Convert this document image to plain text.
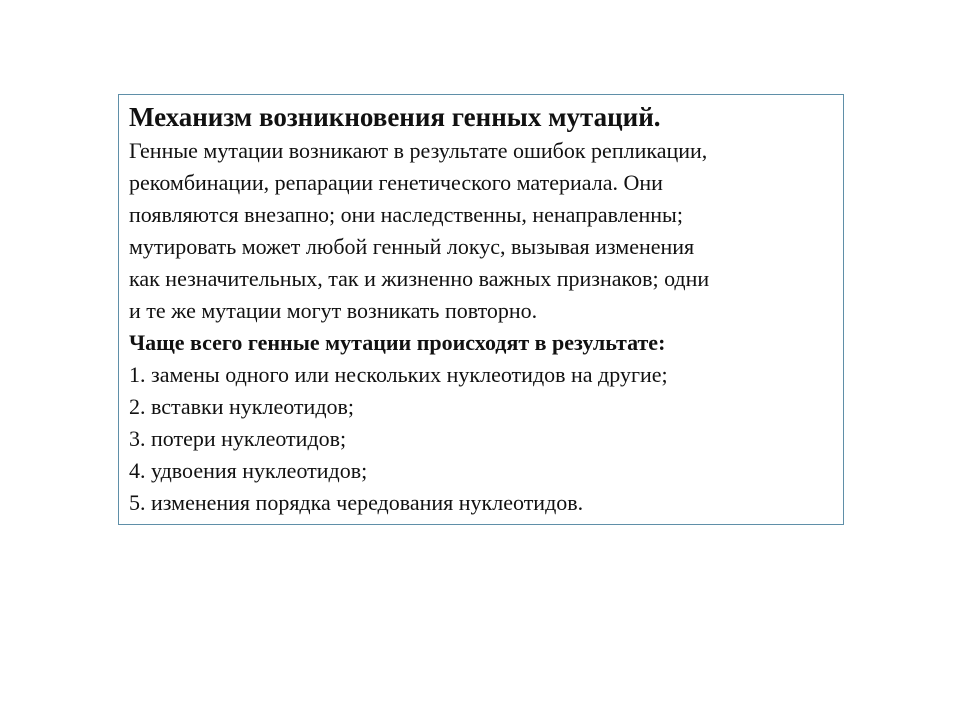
Механизм возникновения генных мутаций.
Генные мутации возникают в результате ошибок репликации,
рекомбинации, репарации генетического материала. Они
появляются внезапно; они наследственны, ненаправленны;
мутировать может любой генный локус, вызывая изменения
как незначительных, так и жизненно важных признаков; одни
и те же мутации могут возникать повторно.
Чаще всего генные мутации происходят в результате:
1. замены одного или нескольких нуклеотидов на другие;
2. вставки нуклеотидов;
3. потери нуклеотидов;
4. удвоения нуклеотидов;
5. изменения порядка чередования нуклеотидов.
